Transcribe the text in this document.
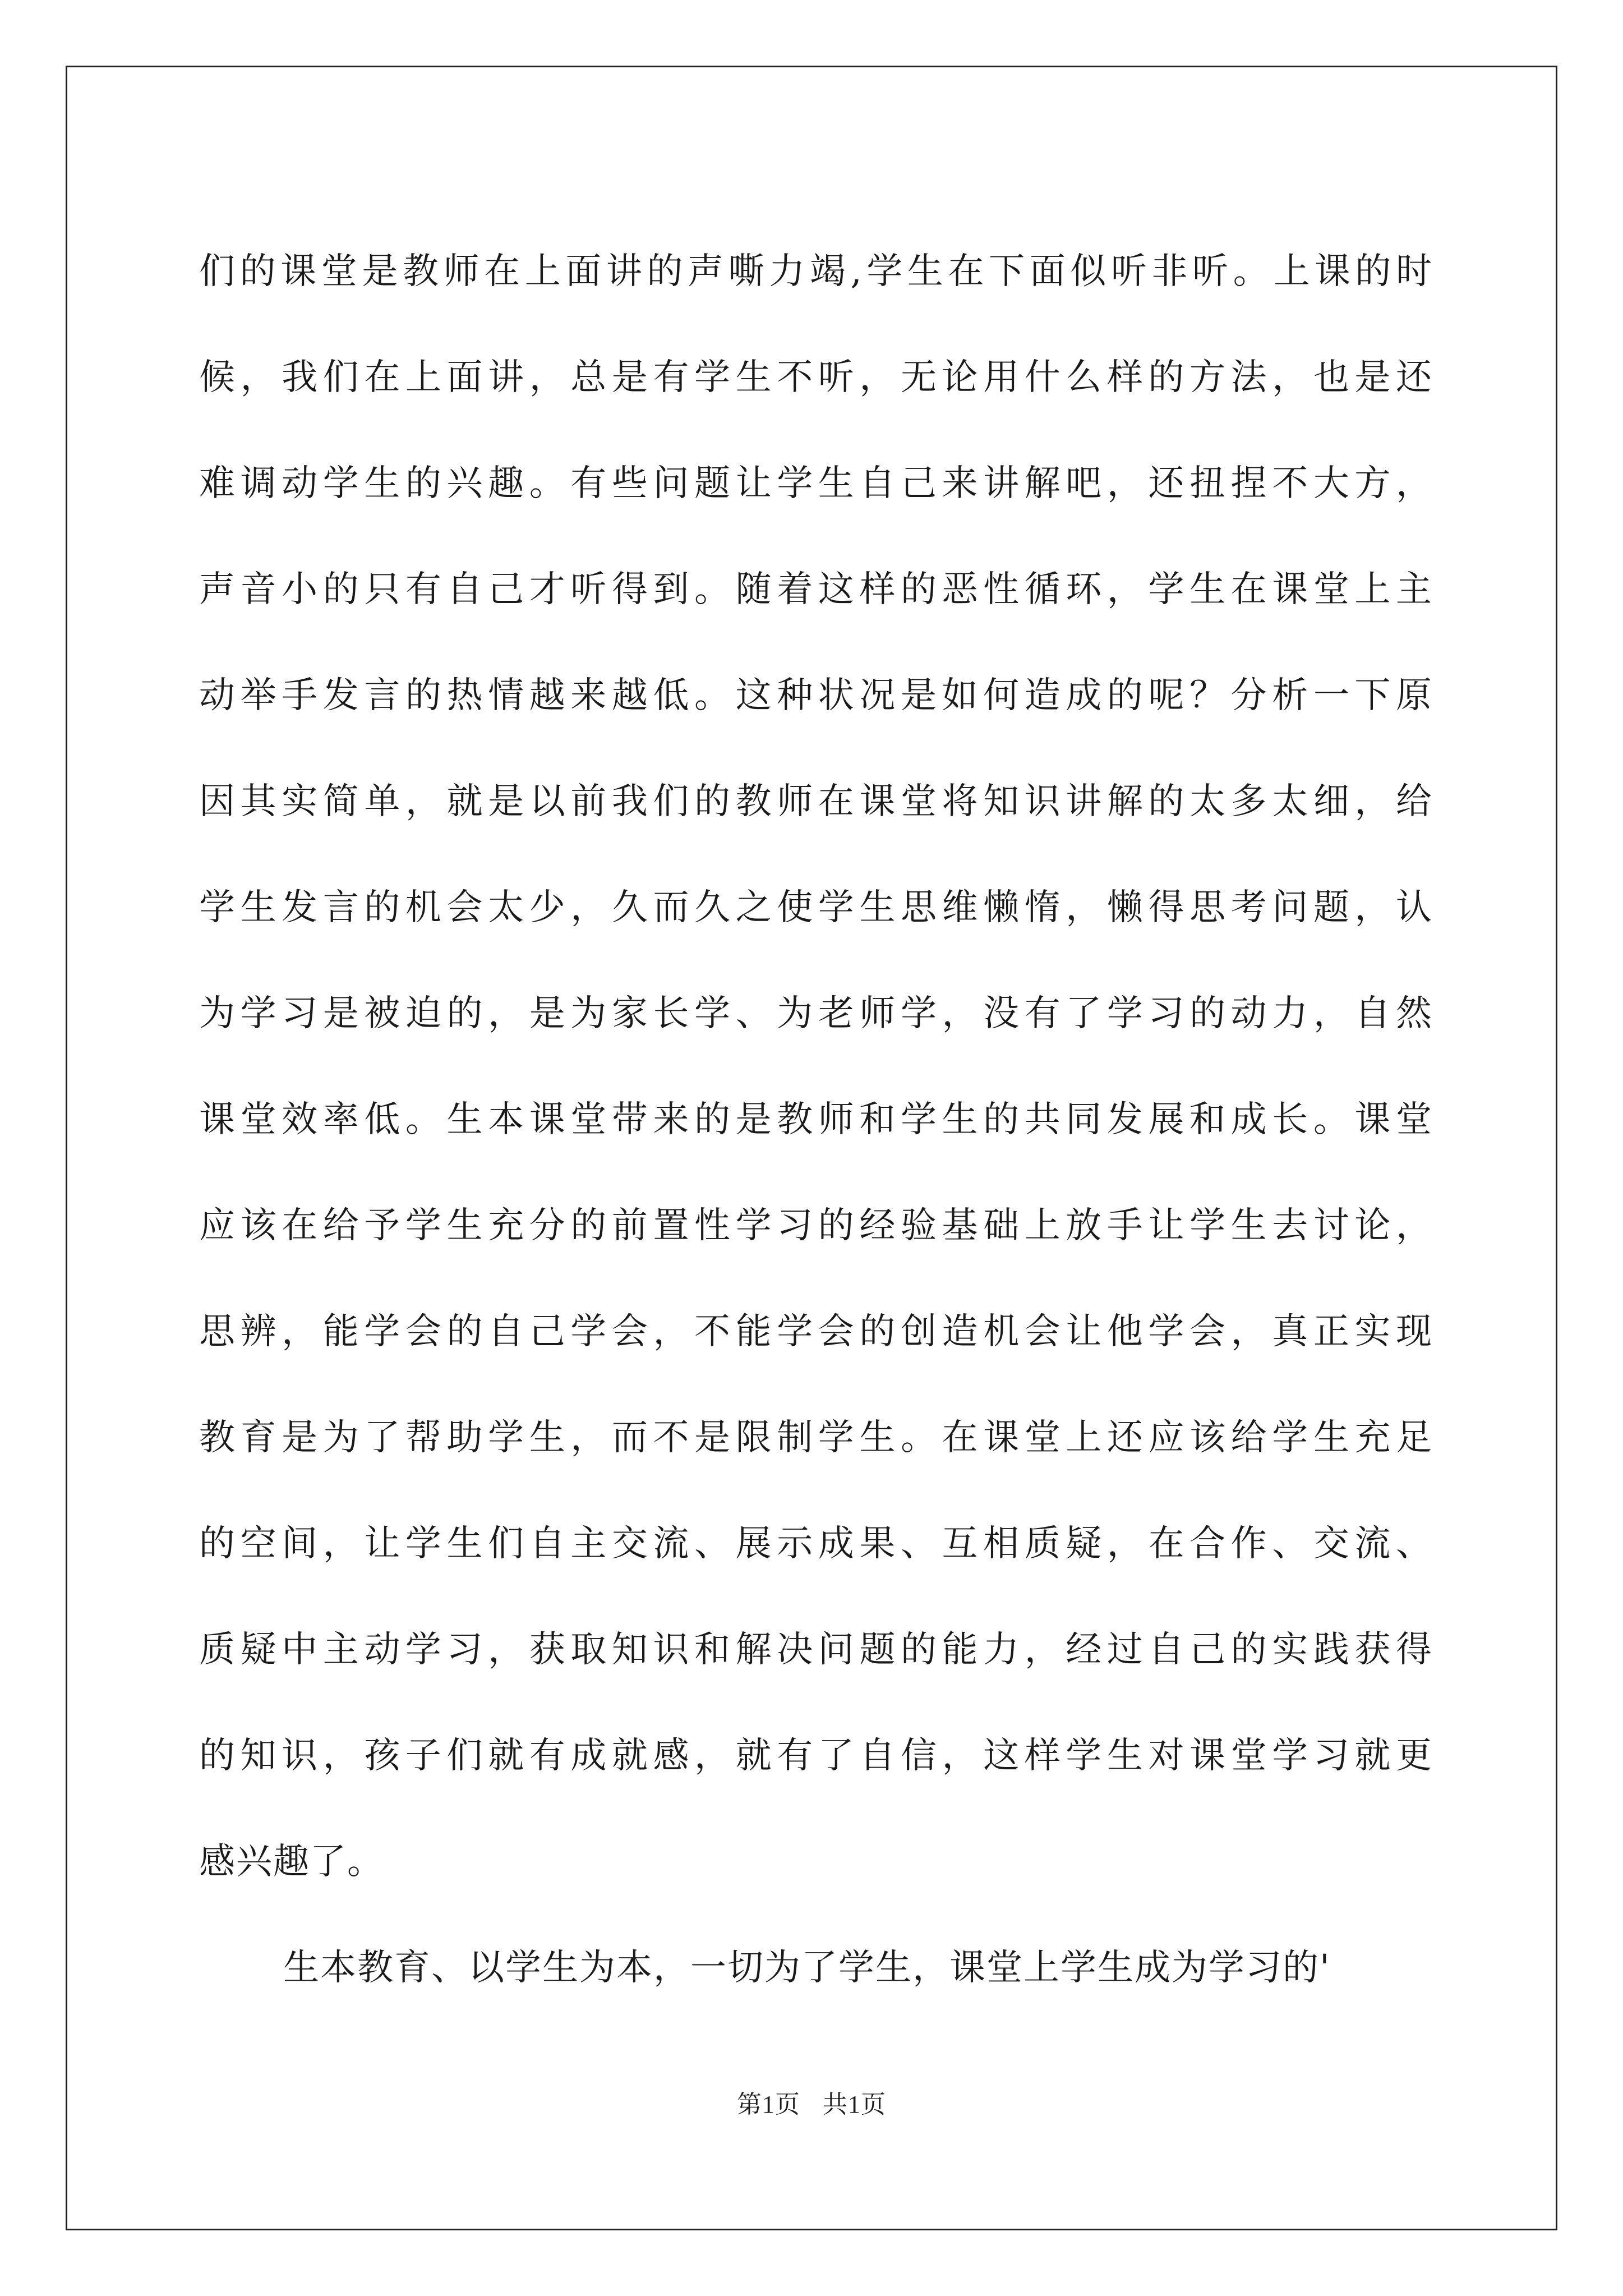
们的课堂是教师在上面讲的声嘶力竭,学生在下面似听非听。上课的时
候，我们在上面讲，总是有学生不听，无论用什么样的方法，也是还
难调动学生的兴趣。有些问题让学生自己来讲解吧，还扭捏不大方，
声音小的只有自己才听得到。随着这样的恶性循环，学生在课堂上主
动举手发言的热情越来越低。这种状况是如何造成的呢？分析一下原
因其实简单，就是以前我们的教师在课堂将知识讲解的太多太细，给
学生发言的机会太少，久而久之使学生思维懒惰，懒得思考问题，认
为学习是被迫的，是为家长学、为老师学，没有了学习的动力，自然
课堂效率低。生本课堂带来的是教师和学生的共同发展和成长。课堂
应该在给予学生充分的前置性学习的经验基础上放手让学生去讨论，
思辨，能学会的自己学会，不能学会的创造机会让他学会，真正实现
教育是为了帮助学生，而不是限制学生。在课堂上还应该给学生充足
的空间，让学生们自主交流、展示成果、互相质疑，在合作、交流、
质疑中主动学习，获取知识和解决问题的能力，经过自己的实践获得
的知识，孩子们就有成就感，就有了自信，这样学生对课堂学习就更
感兴趣了。
生本教育、以学生为本，一切为了学生，课堂上学生成为学习的'
第1页 共1页
